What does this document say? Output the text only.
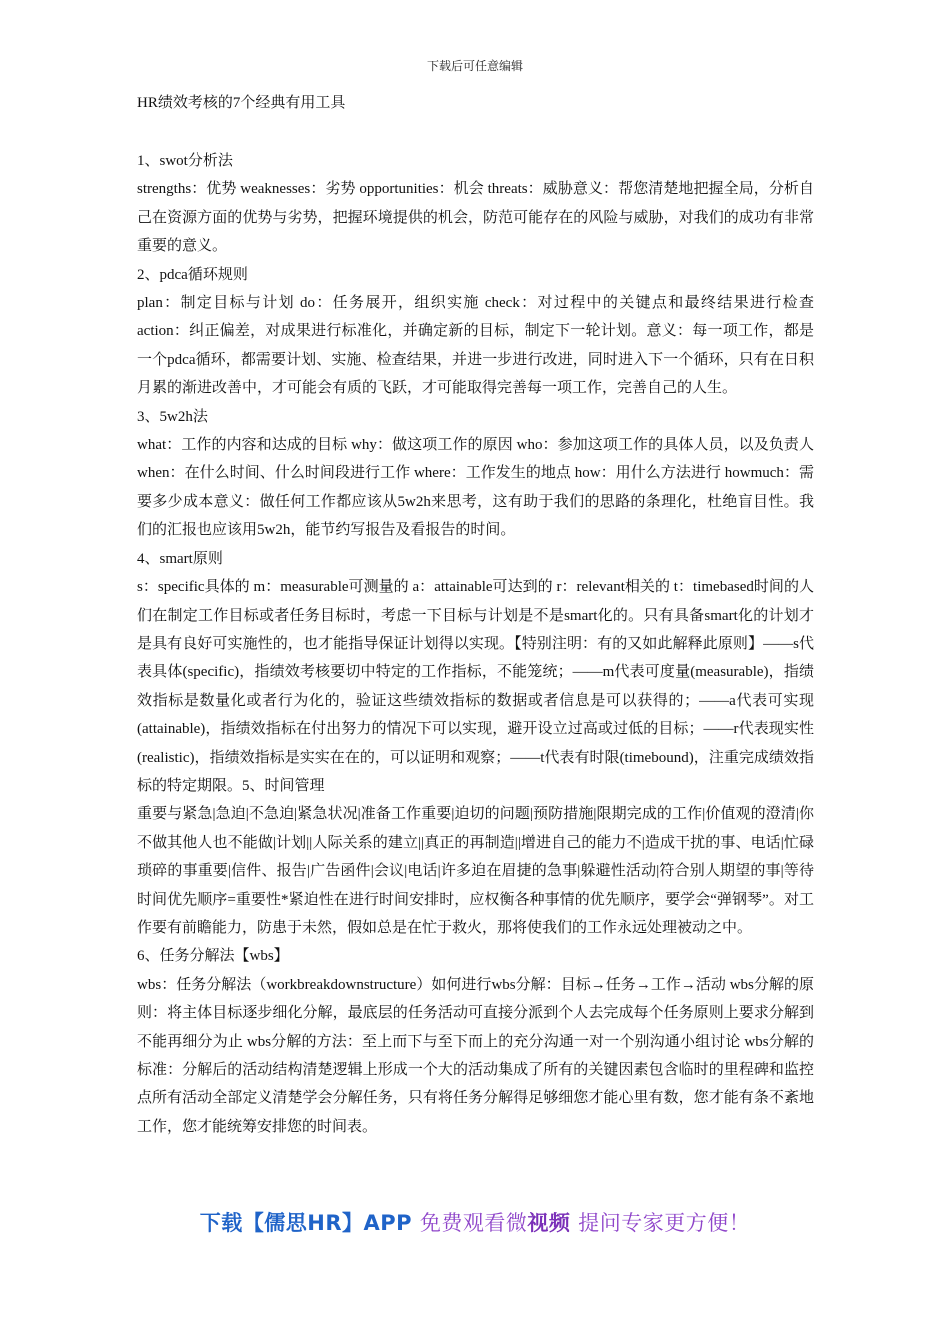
下载后可任意编辑
HR绩效考核的7个经典有用工具

1、swot分析法

strengths：优势 weaknesses：劣势 opportunities：机会 threats：威胁意义：帮您清楚地把握全局，分析自己在资源方面的优势与劣势，把握环境提供的机会，防范可能存在的风险与威胁，对我们的成功有非常重要的意义。

2、pdca循环规则

plan：制定目标与计划 do：任务展开，组织实施 check：对过程中的关键点和最终结果进行检查 action：纠正偏差，对成果进行标准化，并确定新的目标，制定下一轮计划。意义：每一项工作，都是一个pdca循环，都需要计划、实施、检查结果，并进一步进行改进，同时进入下一个循环，只有在日积月累的渐进改善中，才可能会有质的飞跃，才可能取得完善每一项工作，完善自己的人生。

3、5w2h法

what：工作的内容和达成的目标 why：做这项工作的原因 who：参加这项工作的具体人员，以及负责人 when：在什么时间、什么时间段进行工作 where：工作发生的地点 how：用什么方法进行 howmuch：需要多少成本意义：做任何工作都应该从5w2h来思考，这有助于我们的思路的条理化，杜绝盲目性。我们的汇报也应该用5w2h，能节约写报告及看报告的时间。

4、smart原则

s：specific具体的 m：measurable可测量的 a：attainable可达到的 r：relevant相关的 t：timebased时间的人们在制定工作目标或者任务目标时，考虑一下目标与计划是不是smart化的。只有具备smart化的计划才是具有良好可实施性的，也才能指导保证计划得以实现。【特别注明：有的又如此解释此原则】——s代表具体(specific)，指绩效考核要切中特定的工作指标，不能笼统；——m代表可度量(measurable)，指绩效指标是数量化或者行为化的，验证这些绩效指标的数据或者信息是可以获得的；——a代表可实现(attainable)，指绩效指标在付出努力的情况下可以实现，避开设立过高或过低的目标；——r代表现实性(realistic)，指绩效指标是实实在在的，可以证明和观察；——t代表有时限(timebound)，注重完成绩效指标的特定期限。5、时间管理

重要与紧急|急迫|不急迫|紧急状况|准备工作重要|迫切的问题|预防措施|限期完成的工作|价值观的澄清|你不做其他人也不能做|计划||人际关系的建立||真正的再制造||增进自己的能力不|造成干扰的事、电话|忙碌琐碎的事重要|信件、报告|广告函件|会议|电话|许多迫在眉捷的急事|躲避性活动|符合别人期望的事|等待时间优先顺序=重要性*紧迫性在进行时间安排时，应权衡各种事情的优先顺序，要学会“弹钢琴”。对工作要有前瞻能力，防患于未然，假如总是在忙于救火，那将使我们的工作永远处理被动之中。

6、任务分解法【wbs】

wbs：任务分解法（workbreakdownstructure）如何进行wbs分解：目标→任务→工作→活动 wbs分解的原则：将主体目标逐步细化分解，最底层的任务活动可直接分派到个人去完成每个任务原则上要求分解到不能再细分为止 wbs分解的方法：至上而下与至下而上的充分沟通一对一个别沟通小组讨论 wbs分解的标准：分解后的活动结构清楚逻辑上形成一个大的活动集成了所有的关键因素包含临时的里程碑和监控点所有活动全部定义清楚学会分解任务，只有将任务分解得足够细您才能心里有数，您才能有条不紊地工作，您才能统筹安排您的时间表。

下载【儒思HR】APP 免费观看微视频 提问专家更方便！
